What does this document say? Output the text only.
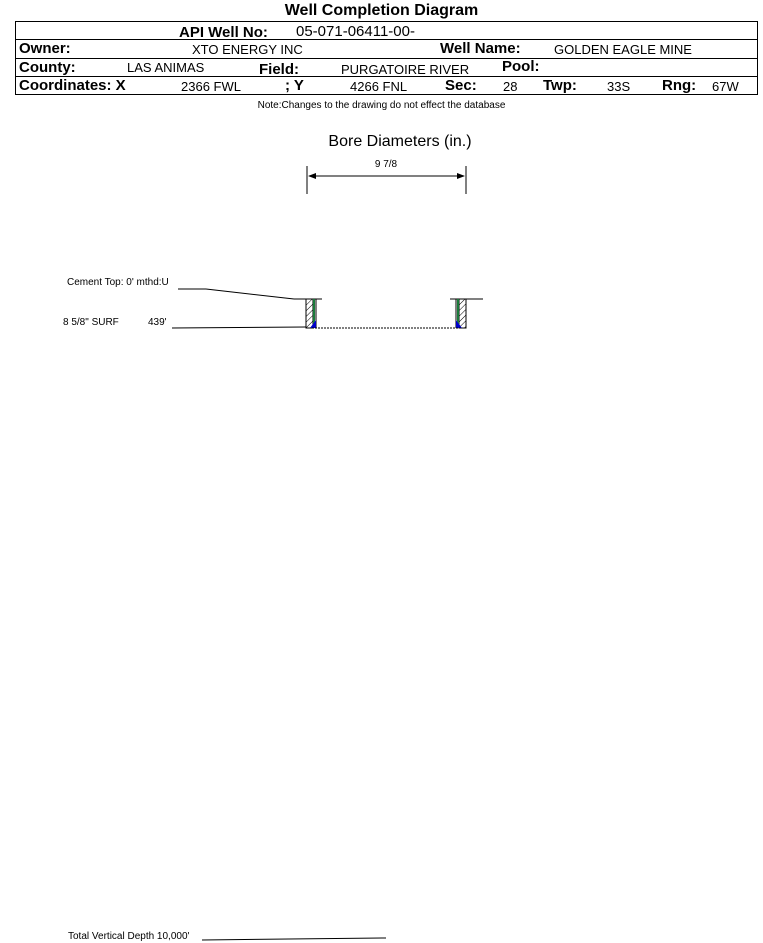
Well Completion Diagram
API Well No: 05-071-06411-00-
Owner:	XTO ENERGY INC	Well Name:	GOLDEN EAGLE MINE
County:	LAS ANIMAS	Field:	PURGATOIRE RIVER Pool:
Coordinates: X	2366 FWL	; Y	4266 FNL	Sec: 28 Twp: 33S Rng: 67W
Note:Changes to the drawing do not effect the database
Bore Diameters (in.)
9 7/8
Cement Top: 0' mthd:U
8 5/8" SURF	439'
Total Vertical Depth 10,000'
